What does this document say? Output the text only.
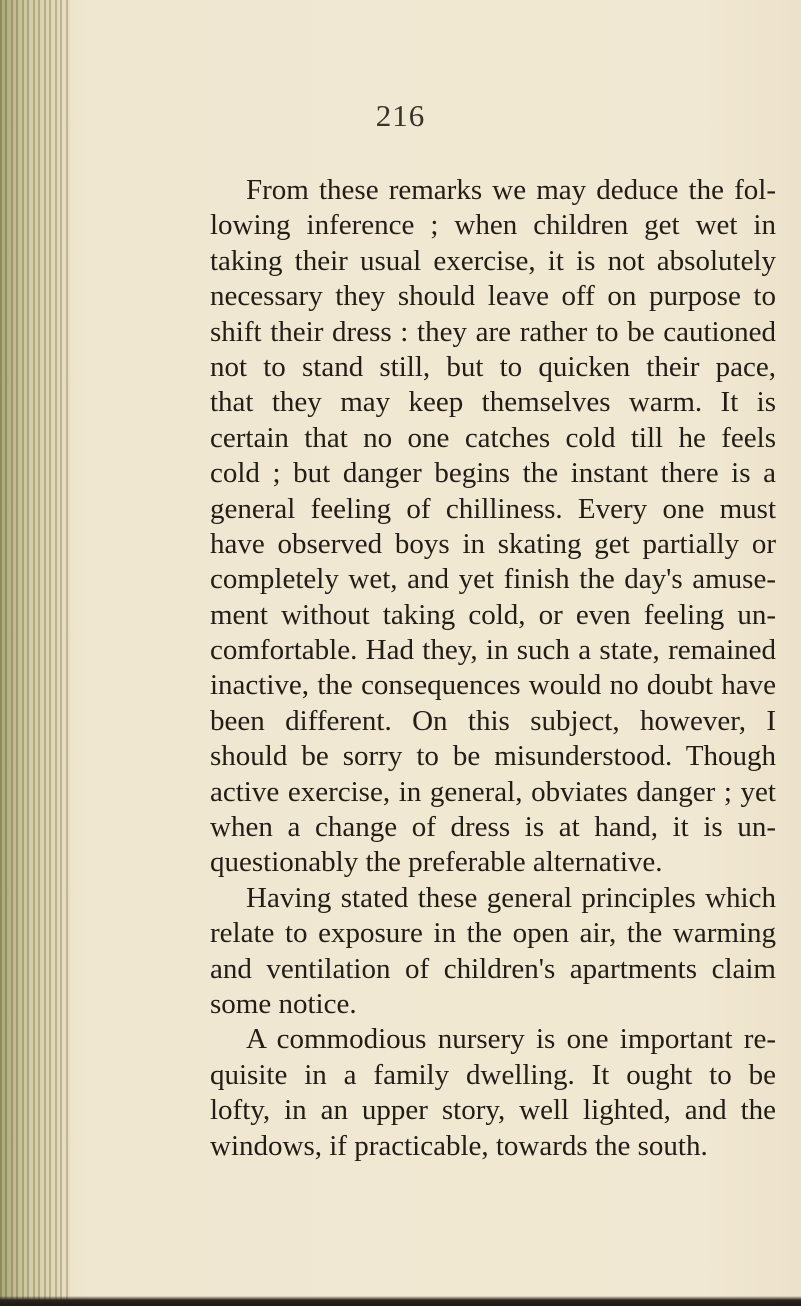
216
From these remarks we may deduce the fol-
lowing inference ; when children get wet in
taking their usual exercise, it is not absolutely
necessary they should leave off on purpose to
shift their dress : they are rather to be cautioned
not to stand still, but to quicken their pace,
that they may keep themselves warm. It is
certain that no one catches cold till he feels
cold ; but danger begins the instant there is a
general feeling of chilliness. Every one must
have observed boys in skating get partially or
completely wet, and yet finish the day's amuse-
ment without taking cold, or even feeling un-
comfortable. Had they, in such a state, remained
inactive, the consequences would no doubt have
been different. On this subject, however, I
should be sorry to be misunderstood. Though
active exercise, in general, obviates danger ; yet
when a change of dress is at hand, it is un-
questionably the preferable alternative.
Having stated these general principles which
relate to exposure in the open air, the warming
and ventilation of children's apartments claim
some notice.
A commodious nursery is one important re-
quisite in a family dwelling. It ought to be
lofty, in an upper story, well lighted, and the
windows, if practicable, towards the south.
